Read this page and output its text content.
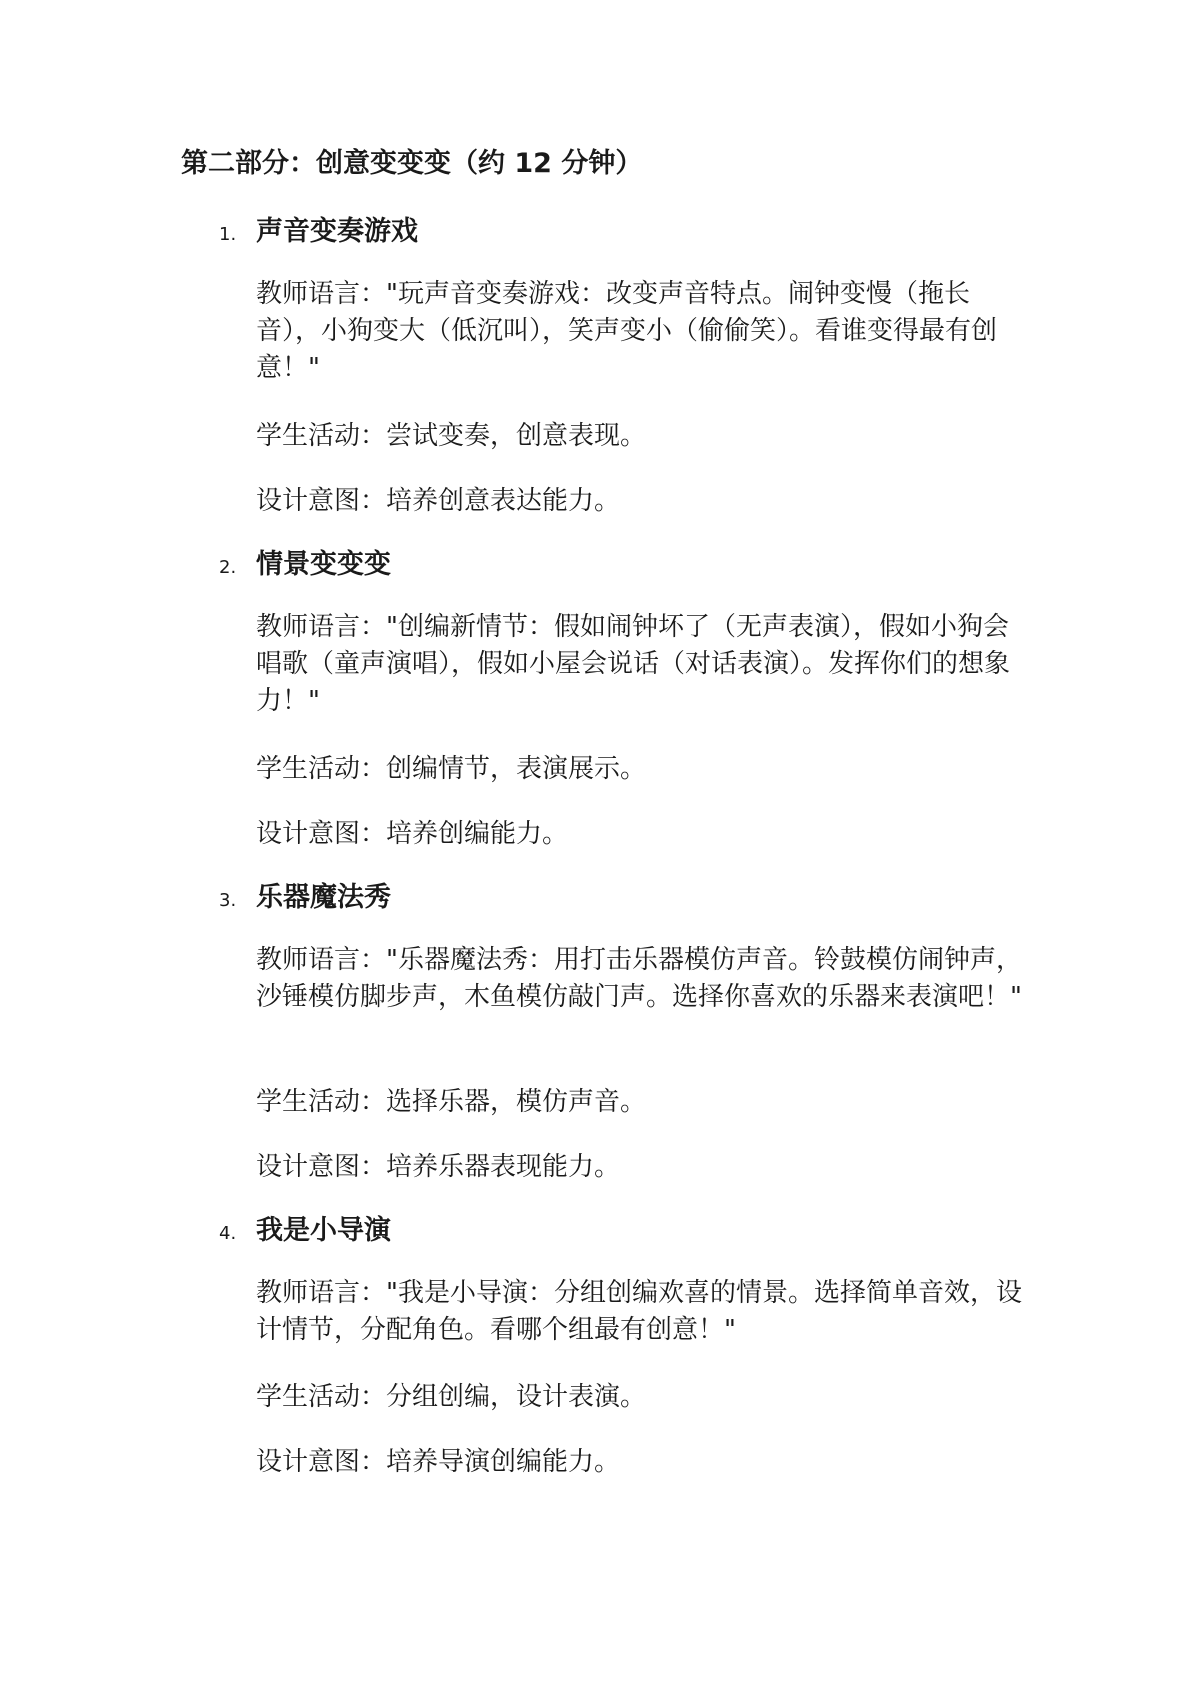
第二部分：创意变变变（约 12 分钟）
1. 声音变奏游戏

教师语言："玩声音变奏游戏：改变声音特点。闹钟变慢（拖长音），小狗变大（低沉叫），笑声变小（偷偷笑）。看谁变得最有创意！"

学生活动：尝试变奏，创意表现。

设计意图：培养创意表达能力。

2. 情景变变变

教师语言："创编新情节：假如闹钟坏了（无声表演），假如小狗会唱歌（童声演唱），假如小屋会说话（对话表演）。发挥你们的想象力！"

学生活动：创编情节，表演展示。

设计意图：培养创编能力。

3. 乐器魔法秀

教师语言："乐器魔法秀：用打击乐器模仿声音。铃鼓模仿闹钟声，沙锤模仿脚步声，木鱼模仿敲门声。选择你喜欢的乐器来表演吧！"

学生活动：选择乐器，模仿声音。

设计意图：培养乐器表现能力。

4. 我是小导演

教师语言："我是小导演：分组创编欢喜的情景。选择简单音效，设计情节，分配角色。看哪个组最有创意！"

学生活动：分组创编，设计表演。

设计意图：培养导演创编能力。
